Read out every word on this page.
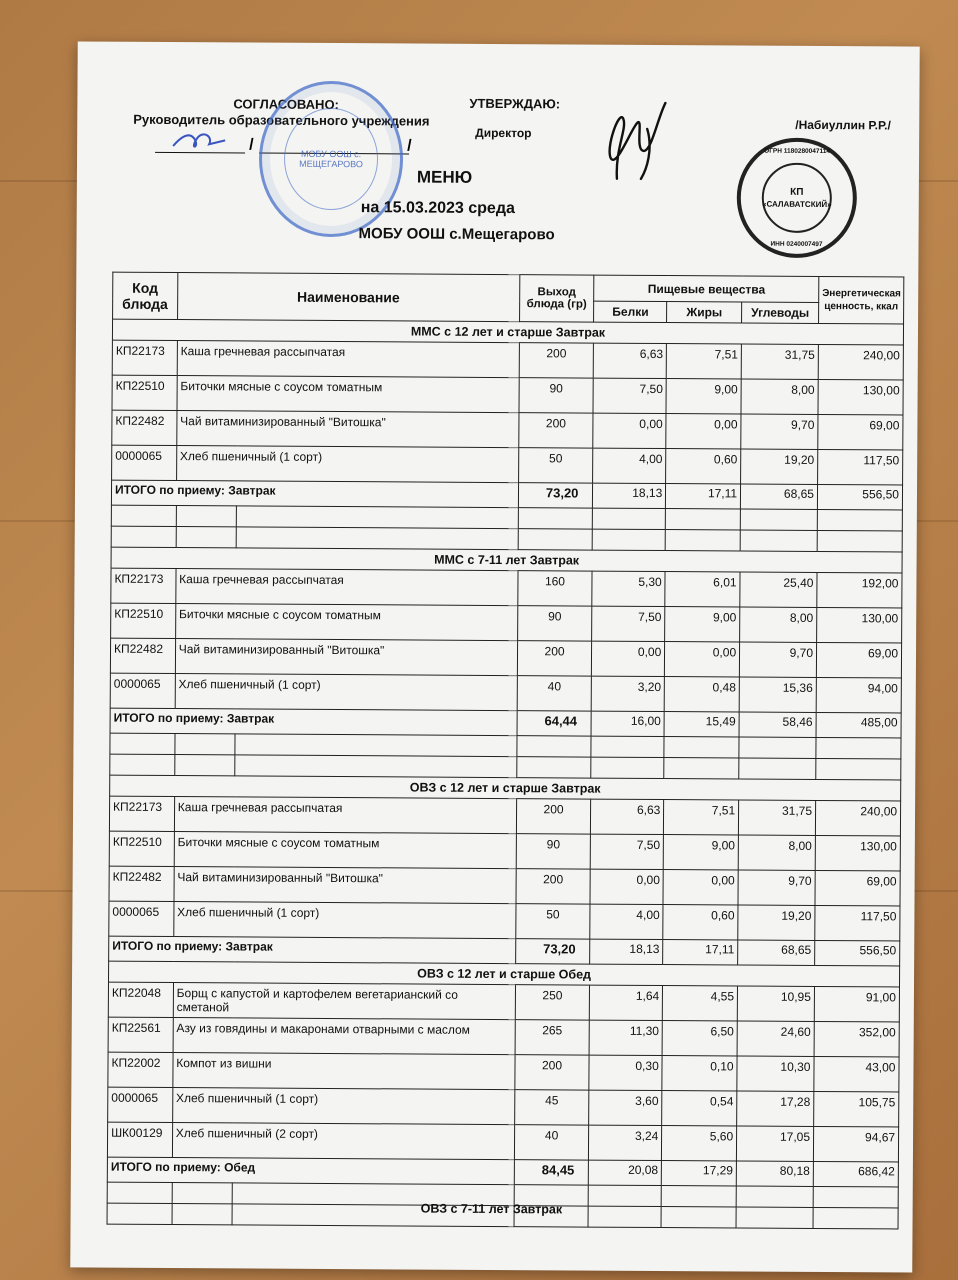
СОГЛАСОВАНО:
Руководитель образовательного учреждения
/	/
МОБУ ООШ с. МЕЩЕГАРОВО
УТВЕРЖДАЮ:
Директор
/Набиуллин Р.Р./
КП
«САЛАВАТСКИЙ»
ОГРН 1180280047114
ИНН 0240007497
МЕНЮ
на 15.03.2023 среда
МОБУ ООШ с.Мещегарово
Код блюда	Наименование		Выход блюда (гр)	Пищевые вещества			Энергетическая ценность, ккал
				Белки	Жиры	Углеводы	
ММС с 12 лет и старше Завтрак							
КП22173	Каша гречневая рассыпчатая		200	6,63	7,51	31,75	240,00
КП22510	Биточки мясные с соусом томатным		90	7,50	9,00	8,00	130,00
КП22482	Чай витаминизированный "Витошка"		200	0,00	0,00	9,70	69,00
0000065	Хлеб пшеничный (1 сорт)		50	4,00	0,60	19,20	117,50
ИТОГО по приему: Завтрак			73,20	18,13	17,11	68,65	556,50

ММС с 7-11 лет Завтрак							
КП22173	Каша гречневая рассыпчатая		160	5,30	6,01	25,40	192,00
КП22510	Биточки мясные с соусом томатным		90	7,50	9,00	8,00	130,00
КП22482	Чай витаминизированный "Витошка"		200	0,00	0,00	9,70	69,00
0000065	Хлеб пшеничный (1 сорт)		40	3,20	0,48	15,36	94,00
ИТОГО по приему: Завтрак			64,44	16,00	15,49	58,46	485,00

ОВЗ с 12 лет и старше Завтрак							
КП22173	Каша гречневая рассыпчатая		200	6,63	7,51	31,75	240,00
КП22510	Биточки мясные с соусом томатным		90	7,50	9,00	8,00	130,00
КП22482	Чай витаминизированный "Витошка"		200	0,00	0,00	9,70	69,00
0000065	Хлеб пшеничный (1 сорт)		50	4,00	0,60	19,20	117,50
ИТОГО по приему: Завтрак			73,20	18,13	17,11	68,65	556,50
ОВЗ с 12 лет и старше Обед							
КП22048	Борщ с капустой и картофелем вегетарианский со сметаной		250	1,64	4,55	10,95	91,00
КП22561	Азу из говядины и макаронами отварными с маслом		265	11,30	6,50	24,60	352,00
КП22002	Компот из вишни		200	0,30	0,10	10,30	43,00
0000065	Хлеб пшеничный (1 сорт)		45	3,60	0,54	17,28	105,75
ШК00129	Хлеб пшеничный (2 сорт)		40	3,24	5,60	17,05	94,67
ИТОГО по приему: Обед			84,45	20,08	17,29	80,18	686,42

ОВЗ с 7-11 лет Завтрак
